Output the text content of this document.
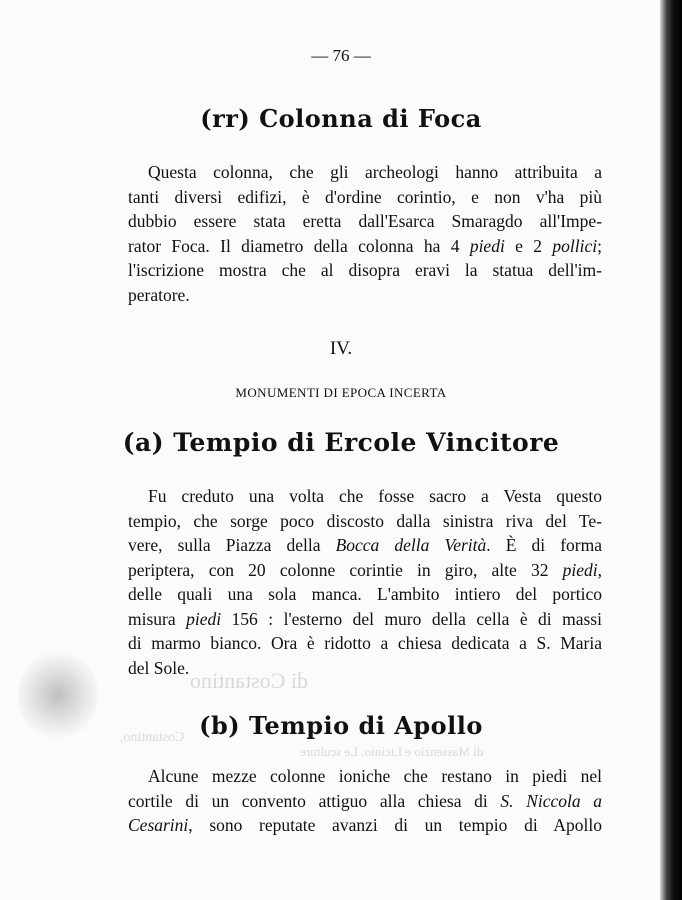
di Costantino
Costantino,
di Massenzio e Licinio. Le sculture
— 76 —
(rr) Colonna di Foca
Questa colonna, che gli archeologi hanno attribuita a
tanti diversi edifizi, è d'ordine corintio, e non v'ha più
dubbio essere stata eretta dall'Esarca Smaragdo all'Impe-
rator Foca. Il diametro della colonna ha 4 piedi e 2 pollici;
l'iscrizione mostra che al disopra eravi la statua dell'im-
peratore.
IV.
MONUMENTI DI EPOCA INCERTA
(a) Tempio di Ercole Vincitore
Fu creduto una volta che fosse sacro a Vesta questo
tempio, che sorge poco discosto dalla sinistra riva del Te-
vere, sulla Piazza della Bocca della Verità. È di forma
periptera, con 20 colonne corintie in giro, alte 32 piedi,
delle quali una sola manca. L'ambito intiero del portico
misura piedi 156 : l'esterno del muro della cella è di massi
di marmo bianco. Ora è ridotto a chiesa dedicata a S. Maria
del Sole.
(b) Tempio di Apollo
Alcune mezze colonne ioniche che restano in piedi nel
cortile di un convento attiguo alla chiesa di S. Niccola a
Cesarini, sono reputate avanzi di un tempio di Apollo
